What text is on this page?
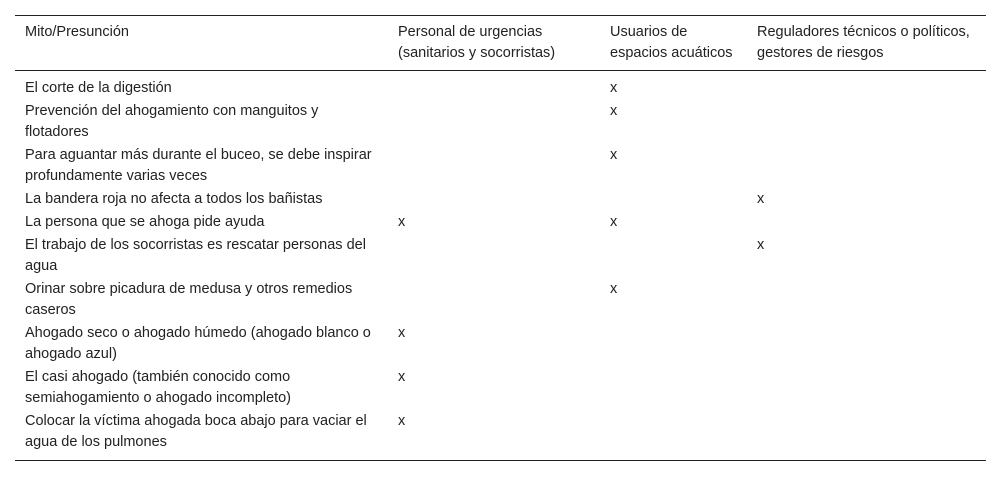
Mito/Presunción	Personal de urgencias (sanitarios y socorristas)	Usuarios de espacios acuáticos	Reguladores técnicos o políticos, gestores de riesgos
El corte de la digestión		x	
Prevención del ahogamiento con manguitos y flotadores		x	
Para aguantar más durante el buceo, se debe inspirar profundamente varias veces		x	
La bandera roja no afecta a todos los bañistas			x
La persona que se ahoga pide ayuda	x	x	
El trabajo de los socorristas es rescatar personas del agua			x
Orinar sobre picadura de medusa y otros remedios caseros		x	
Ahogado seco o ahogado húmedo (ahogado blanco o ahogado azul)	x		
El casi ahogado (también conocido como semiahogamiento o ahogado incompleto)	x		
Colocar la víctima ahogada boca abajo para vaciar el agua de los pulmones	x		
